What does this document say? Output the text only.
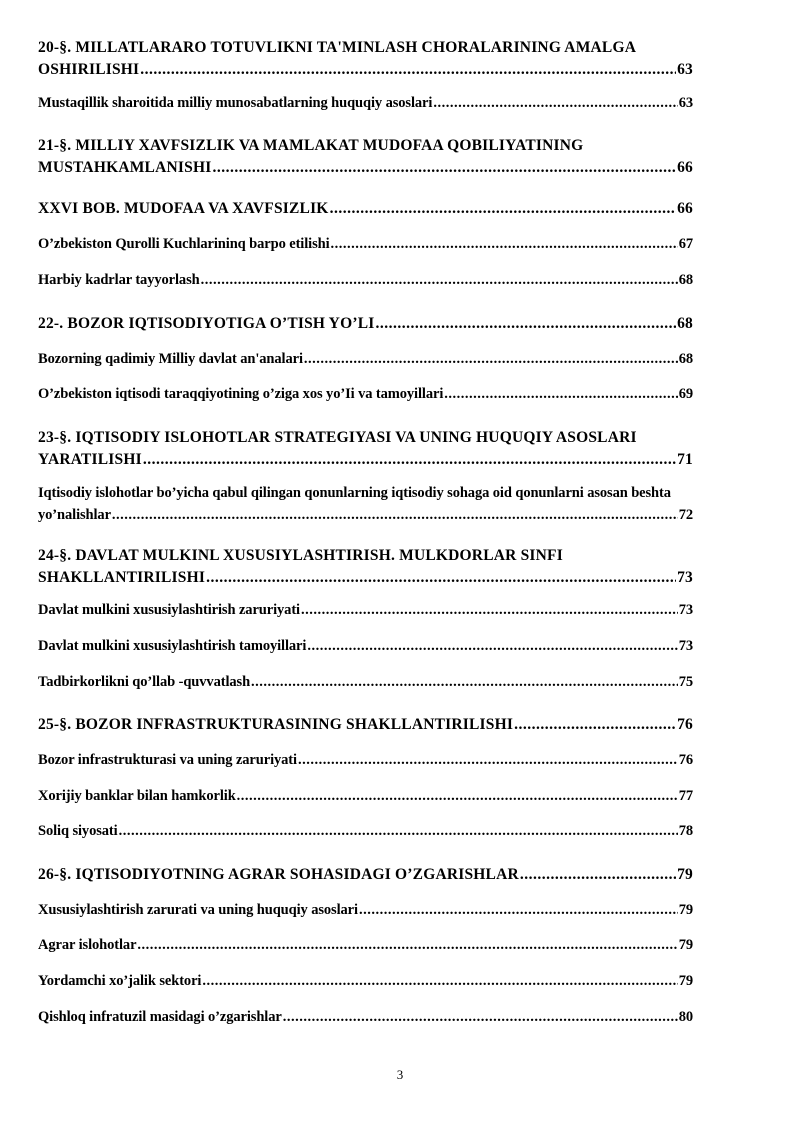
20-§. MILLATLARARO TOTUVLIKNI TA'MINLASH CHORALARINING AMALGA
OSHIRILISHI .....	63
Mustaqillik sharoitida milliy munosabatlarning huquqiy asoslari .....	63
21-§. MILLIY XAVFSIZLIK VA MAMLAKAT MUDOFAA QOBILIYATINING
MUSTAHKAMLANISHI .....	66
XXVI BOB. MUDOFAA VA XAVFSIZLIK .....	66
O’zbekiston Qurolli Kuchlarininq barpo etilishi .....	67
Harbiy kadrlar tayyorlash .....	68
22-. BOZOR IQTISODIYOTIGA O’TISH YO’LI .....	68
Bozorning qadimiy Milliy davlat an'analari .....	68
O’zbekiston iqtisodi taraqqiyotining o’ziga xos yo’Ii va tamoyillari .....	69
23-§. IQTISODIY ISLOHOTLAR STRATEGIYASI VA UNING HUQUQIY ASOSLARI
YARATILISHI .....	71
Iqtisodiy islohotlar bo’yicha qabul qilingan qonunlarning iqtisodiy sohaga oid qonunlarni asosan beshta
yo’nalishlar .....	72
24-§. DAVLAT MULKINL XUSUSIYLASHTIRISH. MULKDORLAR SINFI
SHAKLLANTIRILISHI .....	73
Davlat mulkini xususiylashtirish zaruriyati .....	73
Davlat mulkini xususiylashtirish tamoyillari .....	73
Tadbirkorlikni qo’llab -quvvatlash .....	75
25-§. BOZOR INFRASTRUKTURASINING SHAKLLANTIRILISHI .....	76
Bozor infrastrukturasi va uning zaruriyati .....	76
Xorijiy banklar bilan hamkorlik .....	77
Soliq siyosati .....	78
26-§. IQTISODIYOTNING AGRAR SOHASIDAGI O’ZGARISHLAR .....	79
Xususiylashtirish zarurati va uning huquqiy asoslari .....	79
Agrar islohotlar .....	79
Yordamchi xo’jalik sektori .....	79
Qishloq infratuzil masidagi o’zgarishlar .....	80
3
